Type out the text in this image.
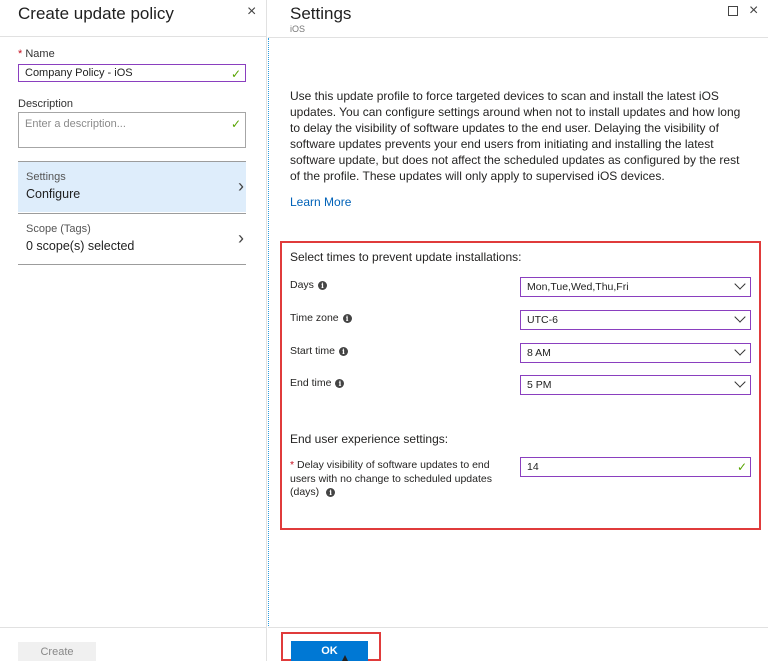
Create update policy	×
* Name
Company Policy - iOS	✓
Description
Enter a description...	✓
Settings
Configure	›
Scope (Tags)
0 scope(s) selected	›
Create
Settings
iOS
×
Use this update profile to force targeted devices to scan and install the latest iOS updates. You can configure settings around when not to install updates and how long to delay the visibility of software updates to the end user. Delaying the visibility of software updates prevents your end users from initiating and installing the latest software update, but does not affect the scheduled updates as configured by the rest of the profile. These updates will only apply to supervised iOS devices.
Learn More
Select times to prevent update installations:
Days i	Mon,Tue,Wed,Thu,Fri
Time zone i	UTC-6
Start time i	8 AM
End time i	5 PM
End user experience settings:
* Delay visibility of software updates to end users with no change to scheduled updates (days) i
14	✓
OK
